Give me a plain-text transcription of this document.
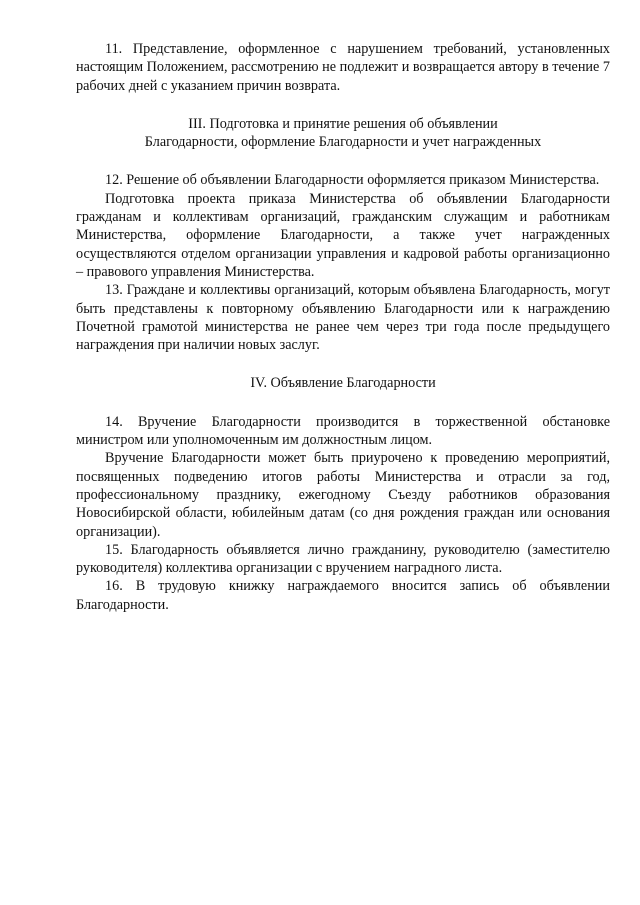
11. Представление, оформленное с нарушением требований, установленных настоящим Положением, рассмотрению не подлежит и возвращается автору в течение 7 рабочих дней с указанием причин возврата.

III. Подготовка и принятие решения об объявлении
Благодарности, оформление Благодарности и учет награжденных

12. Решение об объявлении Благодарности оформляется приказом Министерства.

Подготовка проекта приказа Министерства об объявлении Благодарности гражданам и коллективам организаций, гражданским служащим и работникам Министерства, оформление Благодарности, а также учет награжденных осуществляются отделом организации управления и кадровой работы организационно – правового управления Министерства.

13. Граждане и коллективы организаций, которым объявлена Благодарность, могут быть представлены к повторному объявлению Благодарности или к награждению Почетной грамотой министерства не ранее чем через три года после предыдущего награждения при наличии новых заслуг.

IV. Объявление Благодарности

14. Вручение Благодарности производится в торжественной обстановке министром или уполномоченным им должностным лицом.

Вручение Благодарности может быть приурочено к проведению мероприятий, посвященных подведению итогов работы Министерства и отрасли за год, профессиональному празднику, ежегодному Съезду работников образования Новосибирской области, юбилейным датам (со дня рождения граждан или основания организации).

15. Благодарность объявляется лично гражданину, руководителю (заместителю руководителя) коллектива организации с вручением наградного листа.

16. В трудовую книжку награждаемого вносится запись об объявлении Благодарности.
